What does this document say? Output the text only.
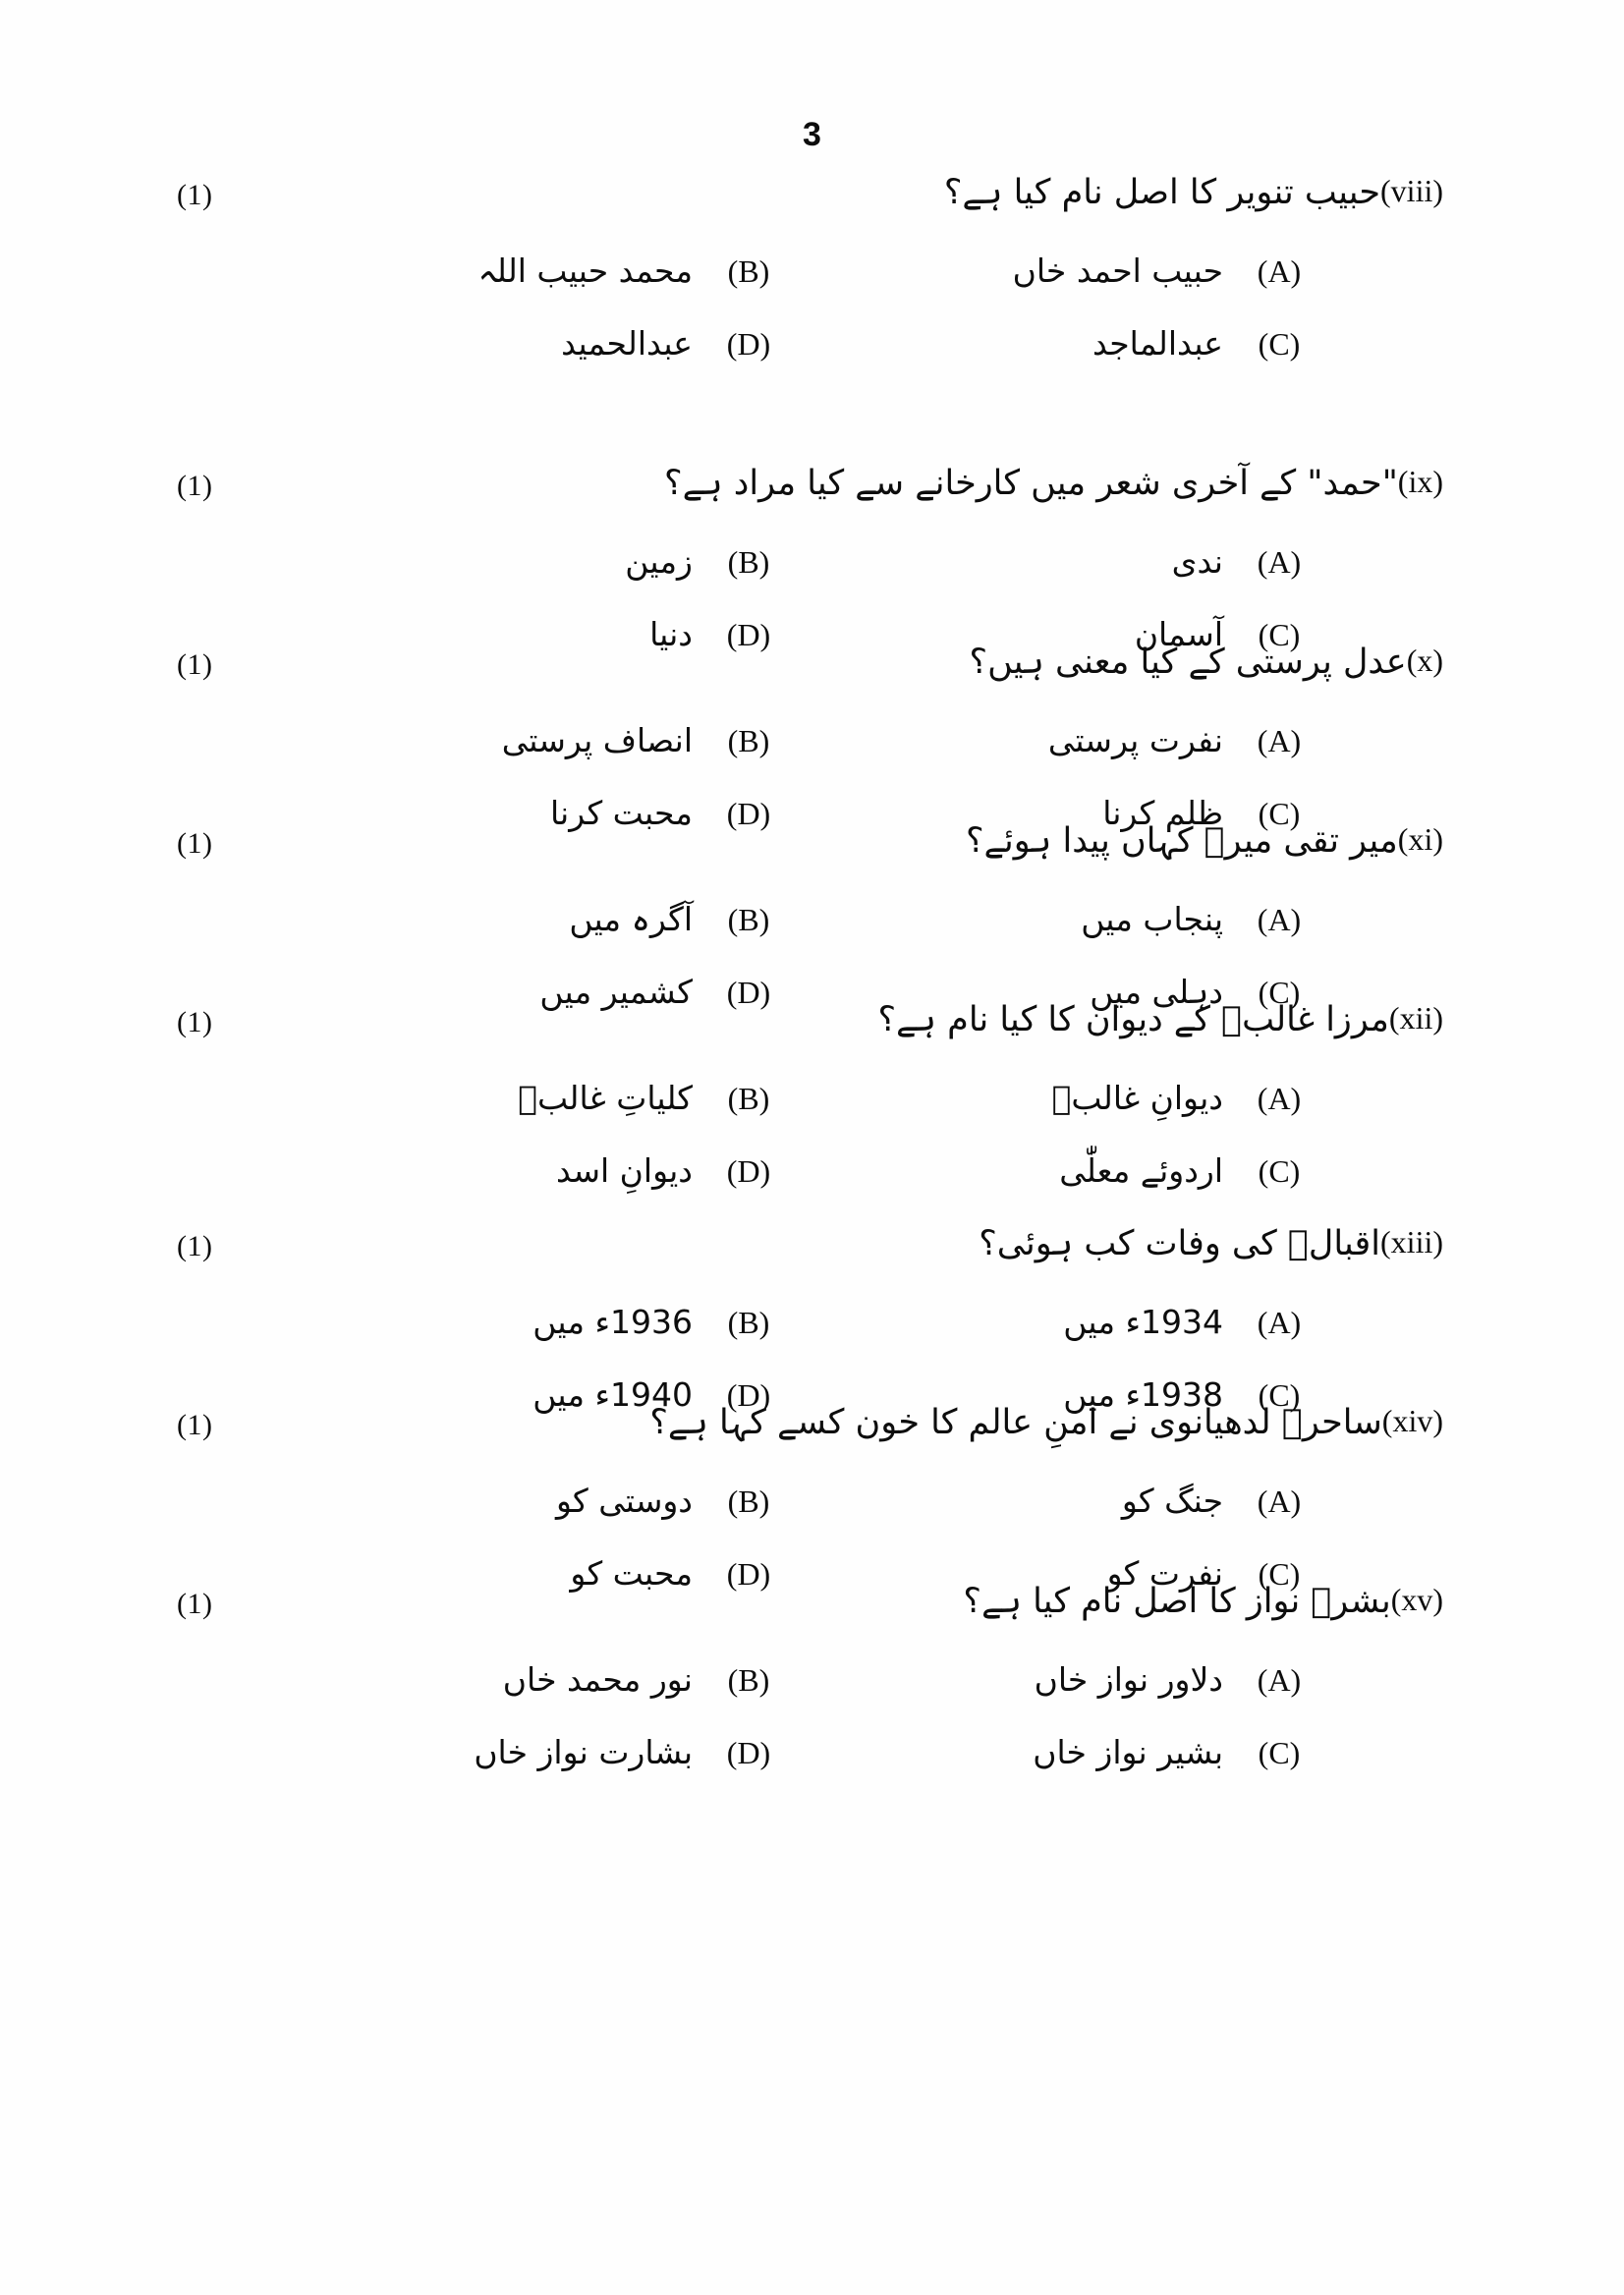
3
(1)	(viii)حبیب تنویر کا اصل نام کیا ہے؟
(A)
حبیب احمد خاں
(B)
محمد حبیب اللہ
(C)
عبدالماجد
(D)
عبدالحمید
(1)	(ix)"حمد" کے آخری شعر میں کارخانے سے کیا مراد ہے؟
(A)
ندی
(B)
زمین
(C)
آسمان
(D)
دنیا
(1)	(x)عدل پرستی کے کیا معنی ہیں؟
(A)
نفرت پرستی
(B)
انصاف پرستی
(C)
ظلم کرنا
(D)
محبت کرنا
(1)	(xi)میر تقی میرؔ کہاں پیدا ہوئے؟
(A)
پنجاب میں
(B)
آگرہ میں
(C)
دہلی میں
(D)
کشمیر میں
(1)	(xii)مرزا غالبؔ کے دیوان کا کیا نام ہے؟
(A)
دیوانِ غالبؔ
(B)
کلیاتِ غالبؔ
(C)
اردوئے معلّٰی
(D)
دیوانِ اسد
(1)	(xiii)اقبالؔ کی وفات کب ہوئی؟
(A)
1934ء میں
(B)
1936ء میں
(C)
1938ء میں
(D)
1940ء میں
(1)	(xiv)ساحرؔ لدھیانوی نے امنِ عالم کا خون کسے کہا ہے؟
(A)
جنگ کو
(B)
دوستی کو
(C)
نفرت کو
(D)
محبت کو
(1)	(xv)بشرؔ نواز کا اصل نام کیا ہے؟
(A)
دلاور نواز خاں
(B)
نور محمد خاں
(C)
بشیر نواز خاں
(D)
بشارت نواز خاں
